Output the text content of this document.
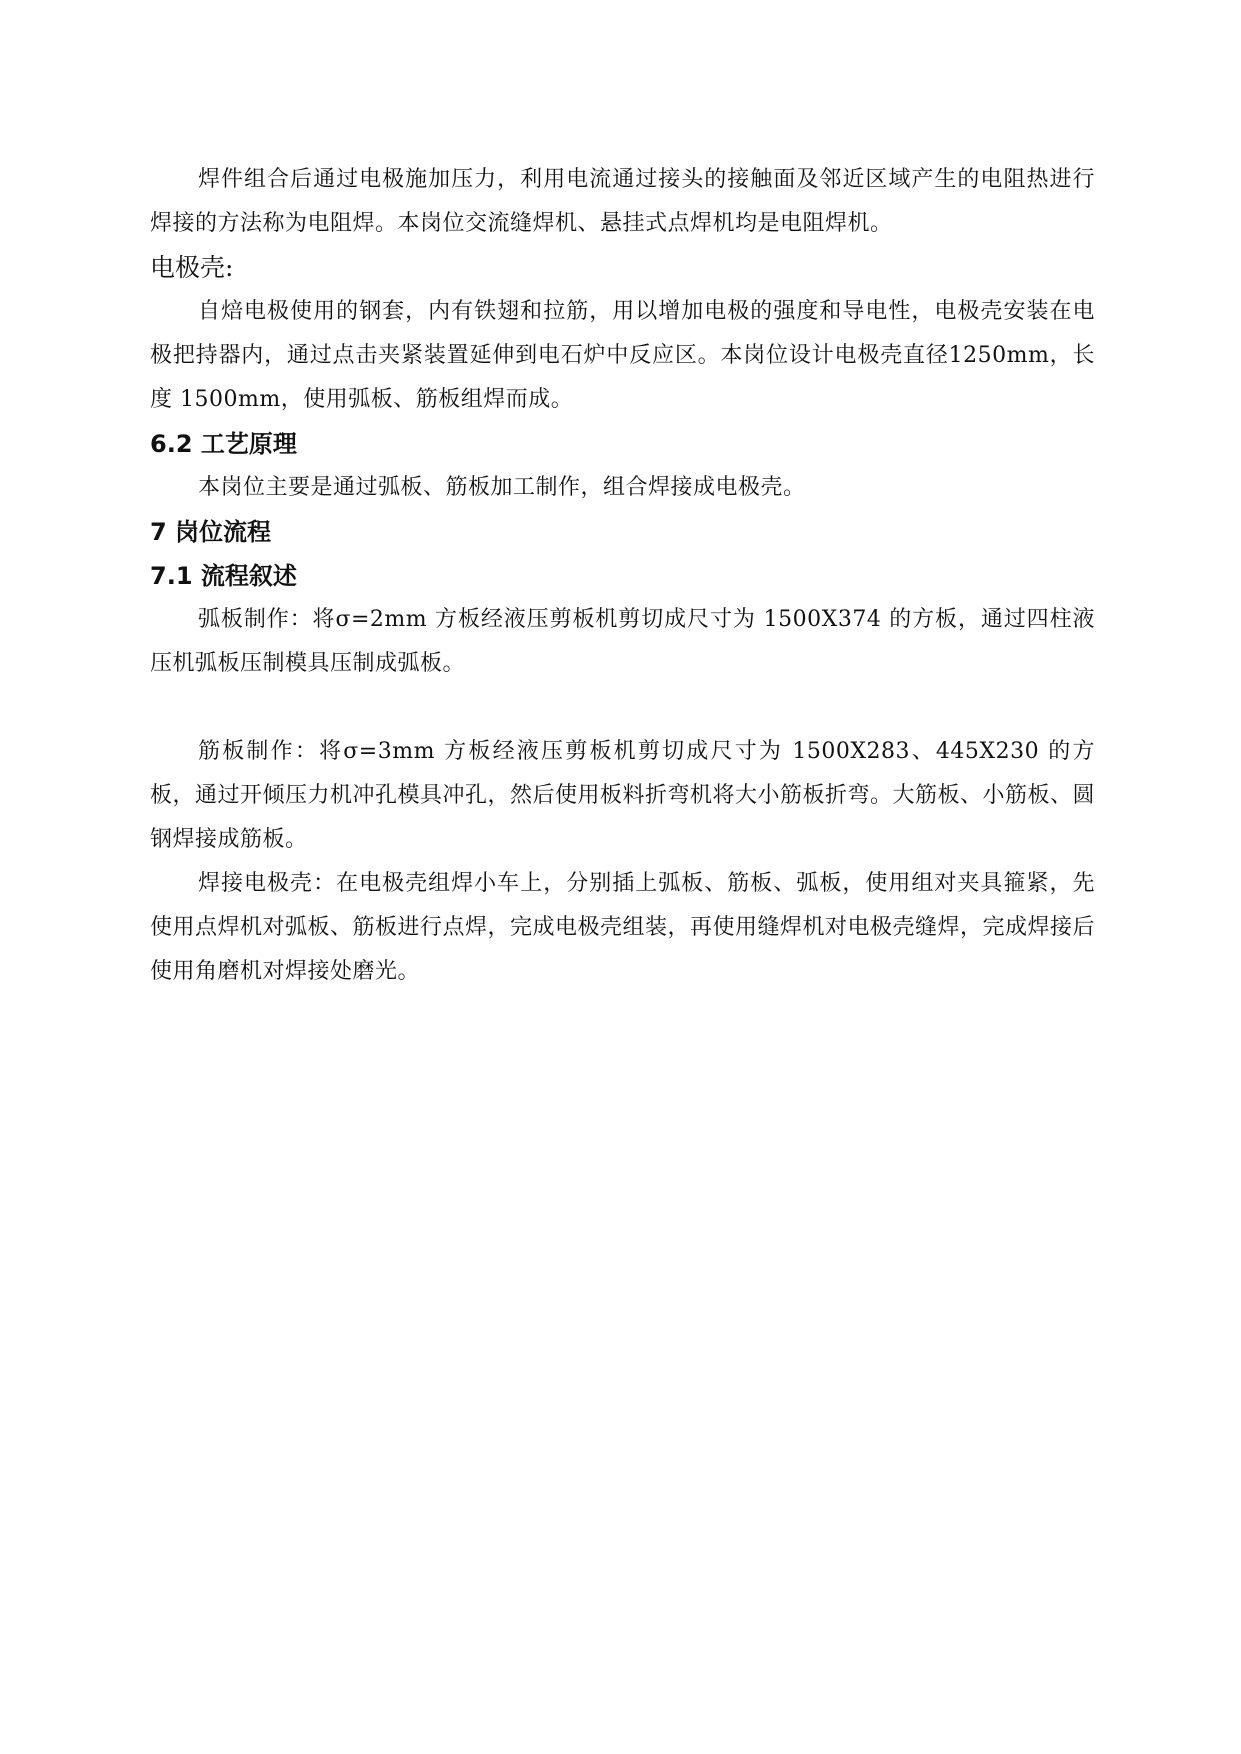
焊件组合后通过电极施加压力，利用电流通过接头的接触面及邻近区域产生的电阻热进行焊接的方法称为电阻焊。本岗位交流缝焊机、悬挂式点焊机均是电阻焊机。

电极壳:

自焙电极使用的钢套，内有铁翅和拉筋，用以增加电极的强度和导电性，电极壳安装在电极把持器内，通过点击夹紧装置延伸到电石炉中反应区。本岗位设计电极壳直径1250mm，长度 1500mm，使用弧板、筋板组焊而成。

6.2 工艺原理

本岗位主要是通过弧板、筋板加工制作，组合焊接成电极壳。

7 岗位流程
7.1 流程叙述

弧板制作：将σ=2mm 方板经液压剪板机剪切成尺寸为 1500X374 的方板，通过四柱液压机弧板压制模具压制成弧板。

筋板制作：将σ=3mm 方板经液压剪板机剪切成尺寸为 1500X283、445X230 的方板，通过开倾压力机冲孔模具冲孔，然后使用板料折弯机将大小筋板折弯。大筋板、小筋板、圆钢焊接成筋板。

焊接电极壳：在电极壳组焊小车上，分别插上弧板、筋板、弧板，使用组对夹具箍紧，先使用点焊机对弧板、筋板进行点焊，完成电极壳组装，再使用缝焊机对电极壳缝焊，完成焊接后使用角磨机对焊接处磨光。
